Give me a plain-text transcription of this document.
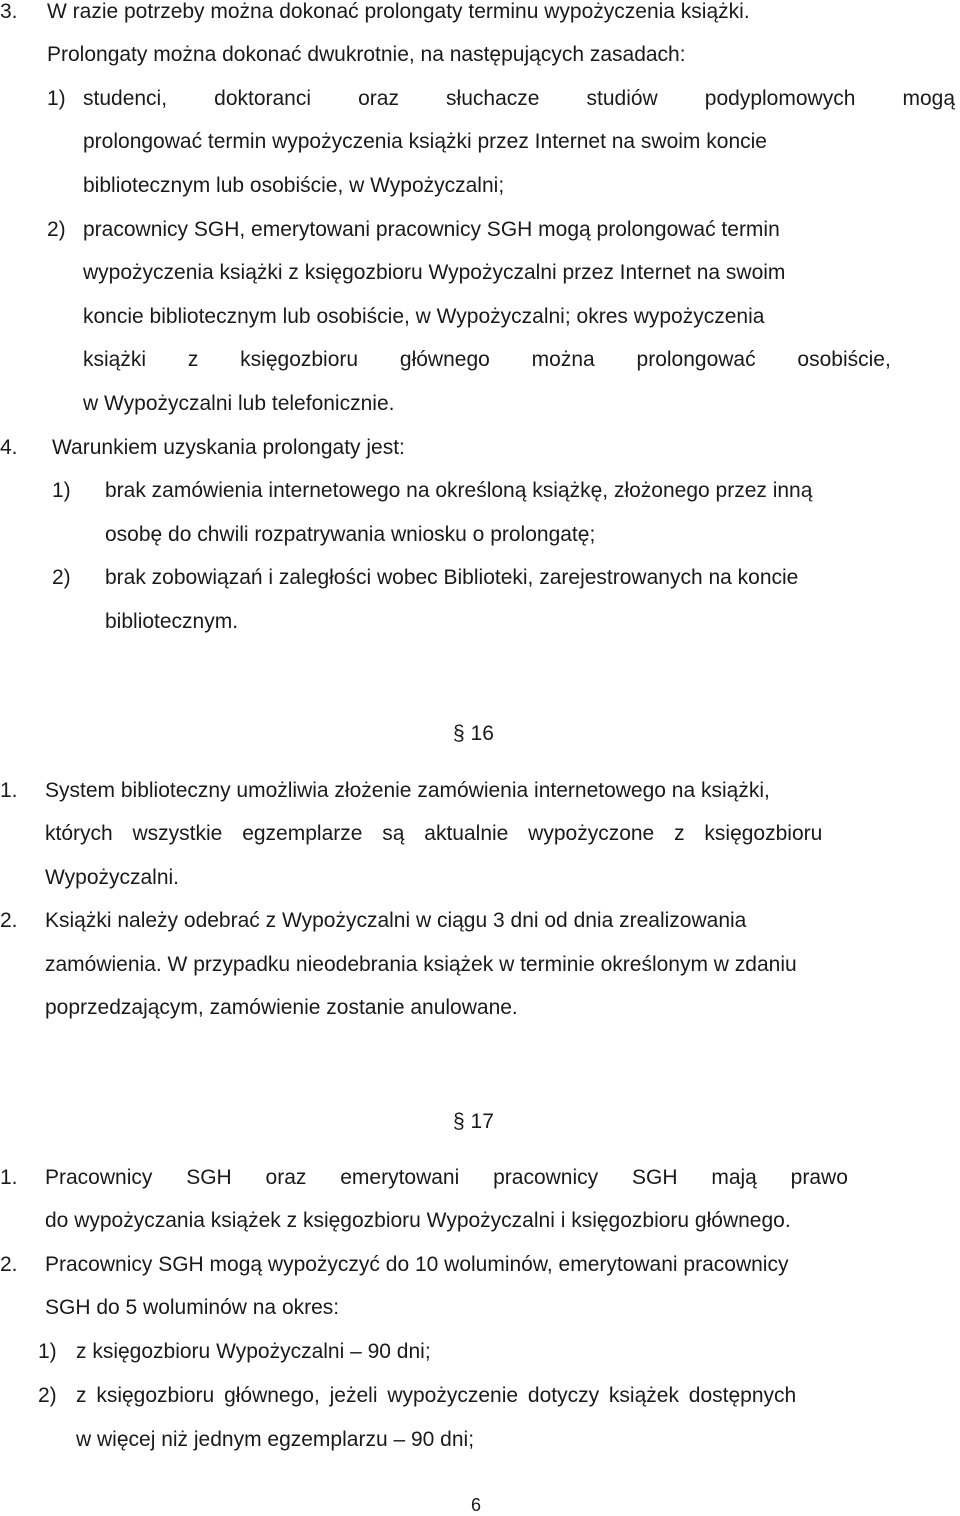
3. W razie potrzeby można dokonać prolongaty terminu wypożyczenia książki.
Prolongaty można dokonać dwukrotnie, na następujących zasadach:
1) studenci, doktoranci oraz słuchacze studiów podyplomowych mogą
prolongować termin wypożyczenia książki przez Internet na swoim koncie
bibliotecznym lub osobiście, w Wypożyczalni;
2) pracownicy SGH, emerytowani pracownicy SGH mogą prolongować termin
wypożyczenia książki z księgozbioru Wypożyczalni przez Internet na swoim
koncie bibliotecznym lub osobiście, w Wypożyczalni; okres wypożyczenia
książki z księgozbioru głównego można prolongować osobiście,
w Wypożyczalni lub telefonicznie.
4. Warunkiem uzyskania prolongaty jest:
1) brak zamówienia internetowego na określoną książkę, złożonego przez inną
osobę do chwili rozpatrywania wniosku o prolongatę;
2) brak zobowiązań i zaległości wobec Biblioteki, zarejestrowanych na koncie
bibliotecznym.
§ 16
1. System biblioteczny umożliwia złożenie zamówienia internetowego na książki,
których wszystkie egzemplarze są aktualnie wypożyczone z księgozbioru
Wypożyczalni.
2. Książki należy odebrać z Wypożyczalni w ciągu 3 dni od dnia zrealizowania
zamówienia. W przypadku nieodebrania książek w terminie określonym w zdaniu
poprzedzającym, zamówienie zostanie anulowane.
§ 17
1. Pracownicy SGH oraz emerytowani pracownicy SGH mają prawo
do wypożyczania książek z księgozbioru Wypożyczalni i księgozbioru głównego.
2. Pracownicy SGH mogą wypożyczyć do 10 woluminów, emerytowani pracownicy
SGH do 5 woluminów na okres:
1) z księgozbioru Wypożyczalni – 90 dni;
2) z księgozbioru głównego, jeżeli wypożyczenie dotyczy książek dostępnych
w więcej niż jednym egzemplarzu – 90 dni;
6
